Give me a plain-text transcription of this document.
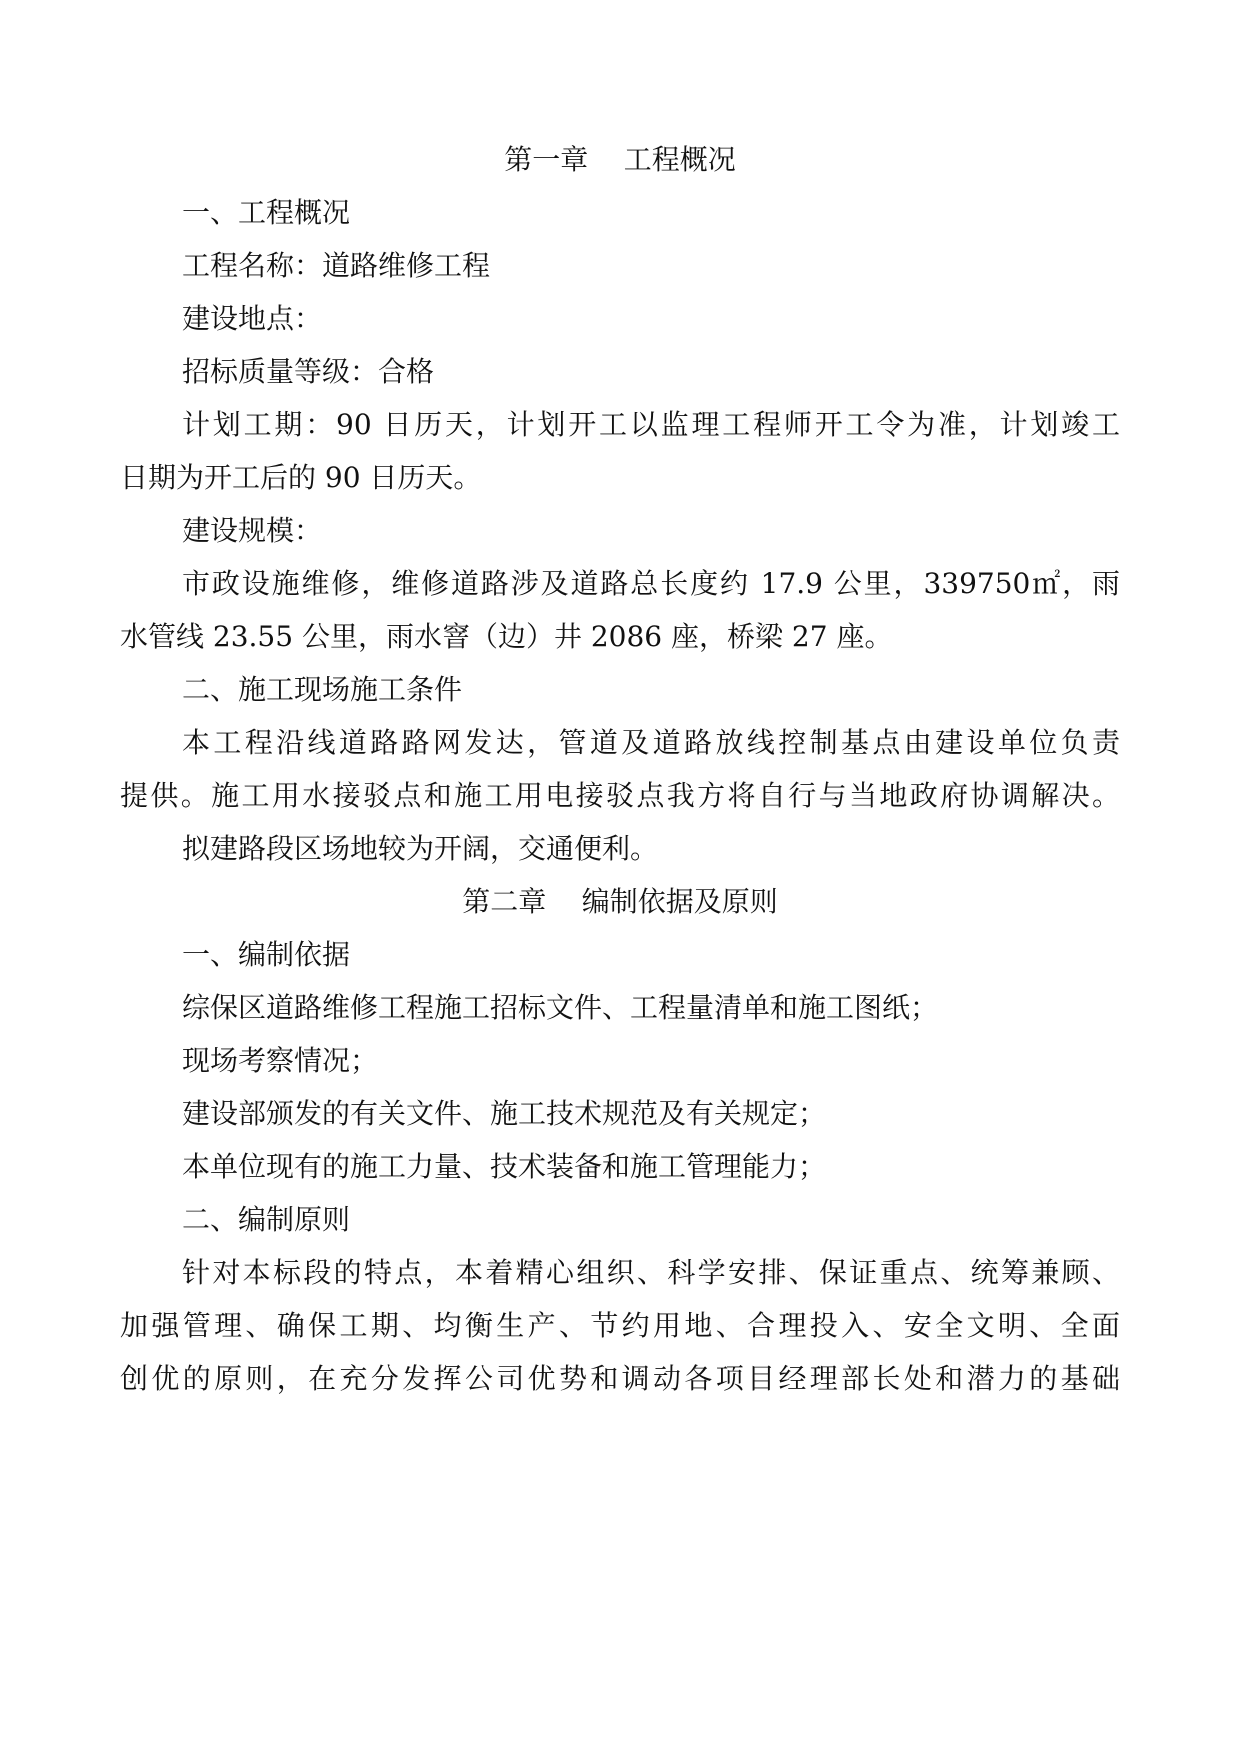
第一章    工程概况
一、工程概况
工程名称：道路维修工程
建设地点：
招标质量等级：合格
计划工期：90 日历天，计划开工以监理工程师开工令为准，计划竣工
日期为开工后的 90 日历天。
建设规模：
市政设施维修，维修道路涉及道路总长度约 17.9 公里，339750㎡，雨
水管线 23.55 公里，雨水窨（边）井 2086 座，桥梁 27 座。
二、施工现场施工条件
本工程沿线道路路网发达，管道及道路放线控制基点由建设单位负责
提供。施工用水接驳点和施工用电接驳点我方将自行与当地政府协调解决。
拟建路段区场地较为开阔，交通便利。
第二章    编制依据及原则
一、编制依据
综保区道路维修工程施工招标文件、工程量清单和施工图纸；
现场考察情况；
建设部颁发的有关文件、施工技术规范及有关规定；
本单位现有的施工力量、技术装备和施工管理能力；
二、编制原则
针对本标段的特点，本着精心组织、科学安排、保证重点、统筹兼顾、
加强管理、确保工期、均衡生产、节约用地、合理投入、安全文明、全面
创优的原则，在充分发挥公司优势和调动各项目经理部长处和潜力的基础
